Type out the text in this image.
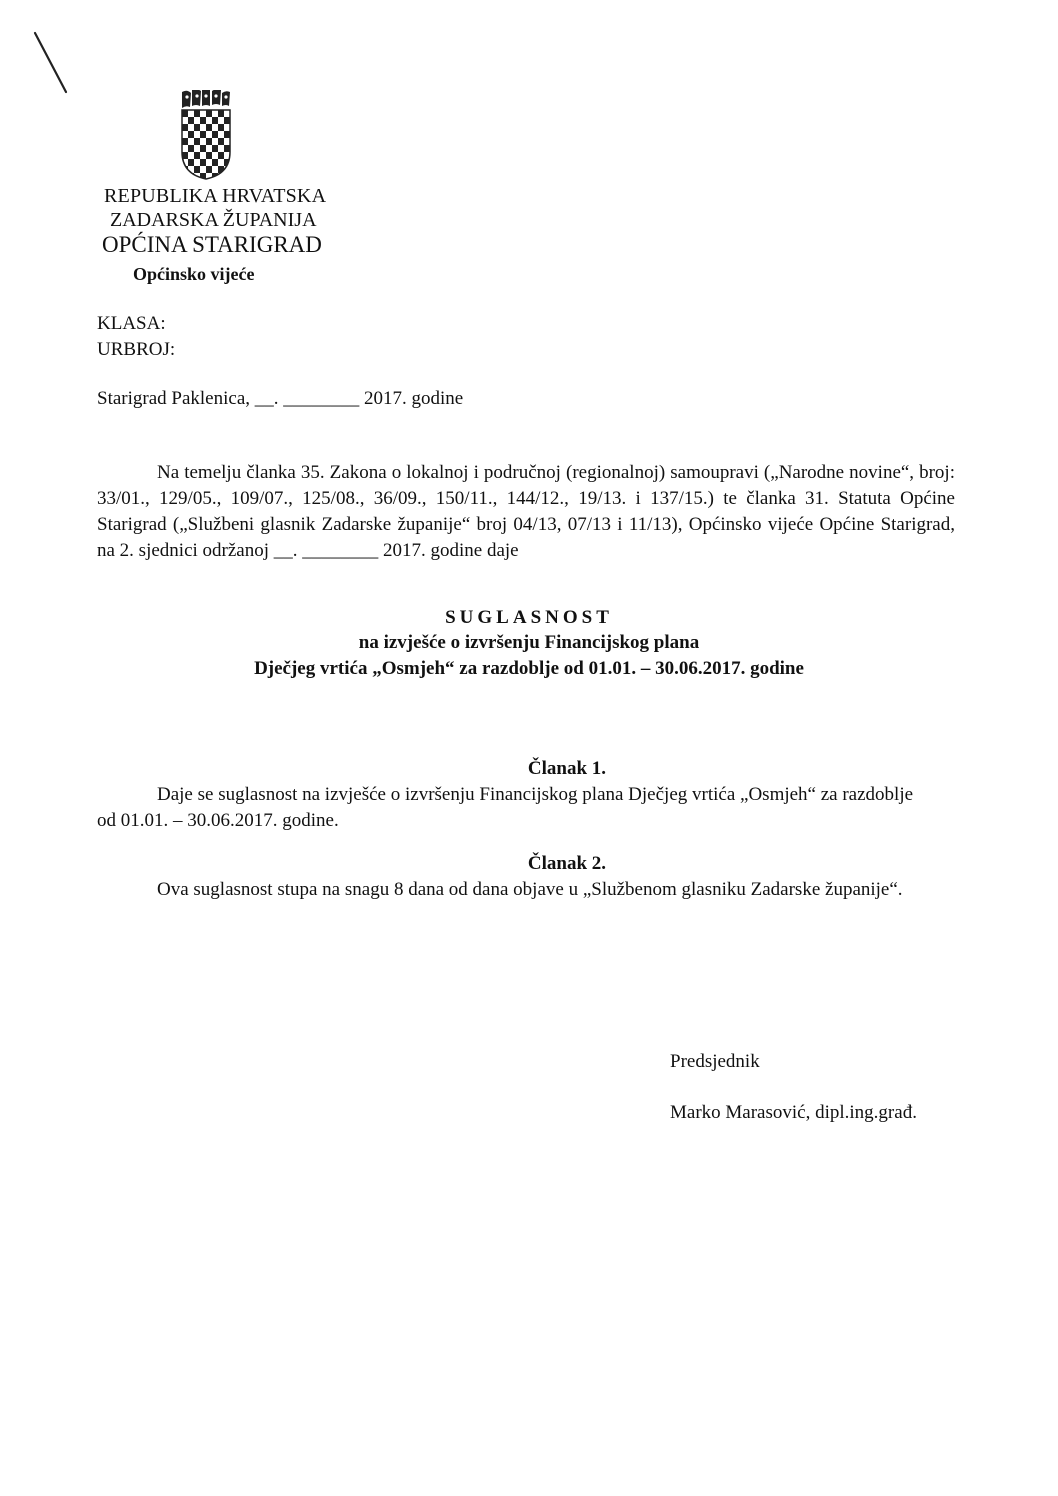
REPUBLIKA HRVATSKA
ZADARSKA ŽUPANIJA
OPĆINA STARIGRAD
Općinsko vijeće
KLASA:
URBROJ:
Starigrad Paklenica, __. ________ 2017. godine
Na temelju članka 35. Zakona o lokalnoj i područnoj (regionalnoj) samoupravi („Narodne novine“, broj: 33/01., 129/05., 109/07., 125/08., 36/09., 150/11., 144/12., 19/13. i 137/15.) te članka 31. Statuta Općine Starigrad („Službeni glasnik Zadarske županije“ broj 04/13, 07/13 i 11/13), Općinsko vijeće Općine Starigrad, na 2. sjednici održanoj __. ________ 2017. godine daje
SUGLASNOST
na izvješće o izvršenju Financijskog plana
Dječjeg vrtića „Osmjeh“ za razdoblje od 01.01. – 30.06.2017. godine
Članak 1.
Daje se suglasnost na izvješće o izvršenju Financijskog plana Dječjeg vrtića „Osmjeh“ za razdoblje od 01.01. – 30.06.2017. godine.
Članak 2.
Ova suglasnost stupa na snagu 8 dana od dana objave u „Službenom glasniku Zadarske županije“.
Predsjednik
Marko Marasović, dipl.ing.građ.
